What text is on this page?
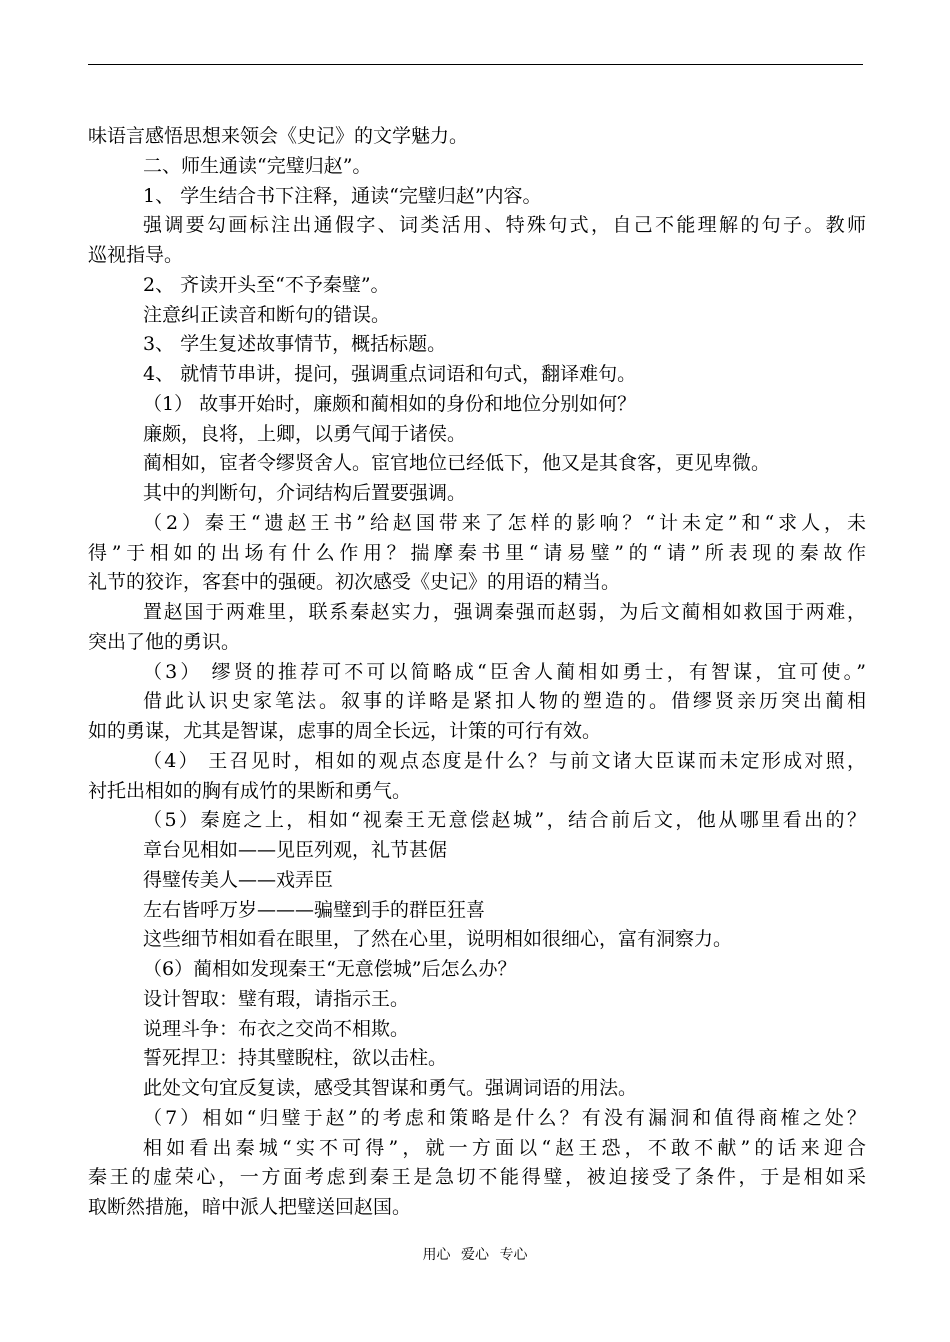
味语言感悟思想来领会《史记》的文学魅力。
二、师生通读“完璧归赵”。
1、 学生结合书下注释，通读“完璧归赵”内容。
强调要勾画标注出通假字、词类活用、特殊句式，自己不能理解的句子。教师
巡视指导。
2、 齐读开头至“不予秦璧”。
注意纠正读音和断句的错误。
3、 学生复述故事情节，概括标题。
4、 就情节串讲，提问，强调重点词语和句式，翻译难句。
（1） 故事开始时，廉颇和蔺相如的身份和地位分别如何？
廉颇，良将，上卿，以勇气闻于诸侯。
蔺相如，宦者令缪贤舍人。宦官地位已经低下，他又是其食客，更见卑微。
其中的判断句，介词结构后置要强调。
（2）秦王“遗赵王书”给赵国带来了怎样的影响？“计未定”和“求人，未
得”于相如的出场有什么作用？揣摩秦书里“请易璧”的“请”所表现的秦故作
礼节的狡诈，客套中的强硬。初次感受《史记》的用语的精当。
置赵国于两难里，联系秦赵实力，强调秦强而赵弱，为后文蔺相如救国于两难，
突出了他的勇识。
（3） 缪贤的推荐可不可以简略成“臣舍人蔺相如勇士，有智谋，宜可使。”
借此认识史家笔法。叙事的详略是紧扣人物的塑造的。借缪贤亲历突出蔺相
如的勇谋，尤其是智谋，虑事的周全长远，计策的可行有效。
（4） 王召见时，相如的观点态度是什么？与前文诸大臣谋而未定形成对照，
衬托出相如的胸有成竹的果断和勇气。
（5）秦庭之上，相如“视秦王无意偿赵城”，结合前后文，他从哪里看出的？
章台见相如——见臣列观，礼节甚倨
得璧传美人——戏弄臣
左右皆呼万岁———骗璧到手的群臣狂喜
这些细节相如看在眼里，了然在心里，说明相如很细心，富有洞察力。
（6）蔺相如发现秦王“无意偿城”后怎么办？
设计智取：璧有瑕，请指示王。
说理斗争：布衣之交尚不相欺。
誓死捍卫：持其璧睨柱，欲以击柱。
此处文句宜反复读，感受其智谋和勇气。强调词语的用法。
（7）相如“归璧于赵”的考虑和策略是什么？有没有漏洞和值得商榷之处？
相如看出秦城“实不可得”，就一方面以“赵王恐，不敢不献”的话来迎合
秦王的虚荣心，一方面考虑到秦王是急切不能得璧，被迫接受了条件，于是相如采
取断然措施，暗中派人把璧送回赵国。
用心 爱心 专心
